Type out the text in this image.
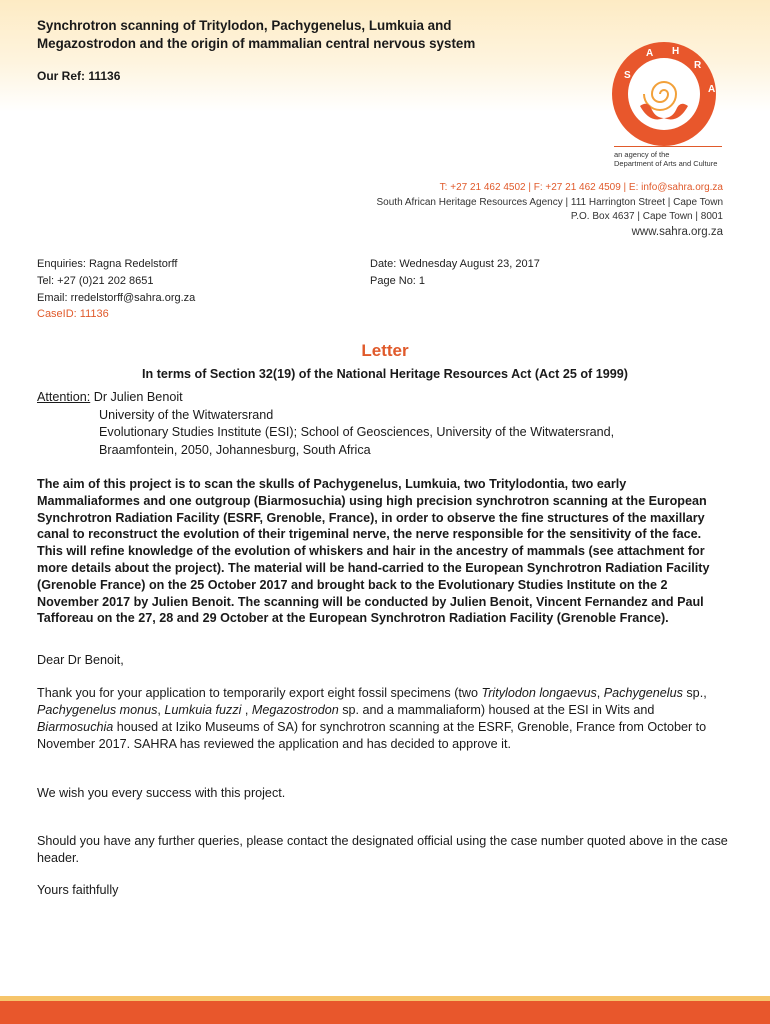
Synchrotron scanning of Tritylodon, Pachygenelus, Lumkuia and
Megazostrodon and the origin of mammalian central nervous system
Our Ref: 11136	S
A H
R
A
an agency of the
Department of Arts and Culture
T: +27 21 462 4502 | F: +27 21 462 4509 | E: info@sahra.org.za
South African Heritage Resources Agency | 111 Harrington Street | Cape Town
P.O. Box 4637 | Cape Town | 8001
www.sahra.org.za
Enquiries: Ragna Redelstorff
Tel: +27 (0)21 202 8651
Email: rredelstorff@sahra.org.za
CaseID: 11136
Date: Wednesday August 23, 2017
Page No: 1
Letter
In terms of Section 32(19) of the National Heritage Resources Act (Act 25 of 1999)
Attention: Dr Julien Benoit
University of the Witwatersrand
Evolutionary Studies Institute (ESI); School of Geosciences, University of the Witwatersrand,
Braamfontein, 2050, Johannesburg, South Africa
The aim of this project is to scan the skulls of Pachygenelus, Lumkuia, two Tritylodontia, two early Mammaliaformes and one outgroup (Biarmosuchia) using high precision synchrotron scanning at the European Synchrotron Radiation Facility (ESRF, Grenoble, France), in order to observe the fine structures of the maxillary canal to reconstruct the evolution of their trigeminal nerve, the nerve responsible for the sensitivity of the face. This will refine knowledge of the evolution of whiskers and hair in the ancestry of mammals (see attachment for more details about the project). The material will be hand-carried to the European Synchrotron Radiation Facility (Grenoble France) on the 25 October 2017 and brought back to the Evolutionary Studies Institute on the 2 November 2017 by Julien Benoit. The scanning will be conducted by Julien Benoit, Vincent Fernandez and Paul Tafforeau on the 27, 28 and 29 October at the European Synchrotron Radiation Facility (Grenoble France).
Dear Dr Benoit,
Thank you for your application to temporarily export eight fossil specimens (two Tritylodon longaevus, Pachygenelus sp., Pachygenelus monus, Lumkuia fuzzi , Megazostrodon sp. and a mammaliaform) housed at the ESI in Wits and Biarmosuchia housed at Iziko Museums of SA) for synchrotron scanning at the ESRF, Grenoble, France from October to November 2017. SAHRA has reviewed the application and has decided to approve it.
We wish you every success with this project.
Should you have any further queries, please contact the designated official using the case number quoted above in the case header.
Yours faithfully
